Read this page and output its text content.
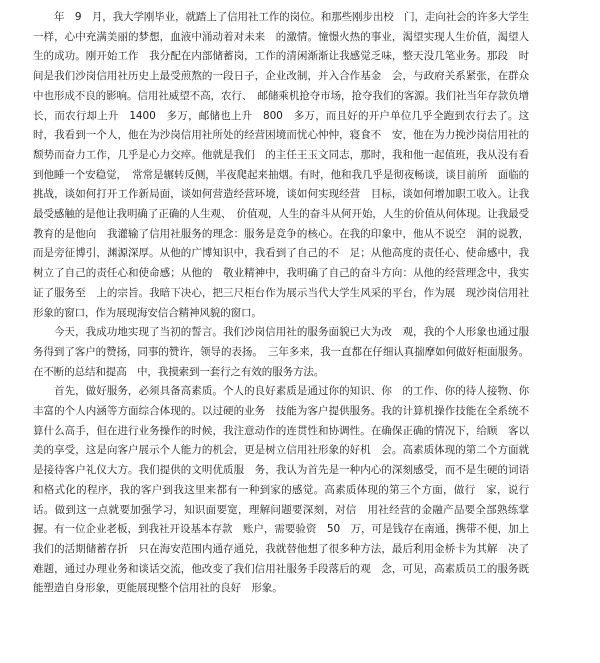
年　9　月，我大学刚毕业，就踏上了信用社工作的岗位。和那些刚步出校　门，走向社会的许多大学生一样，心中充满美丽的梦想，血液中涌动着对未来　的激情。憧憬火热的事业，渴望实现人生价值，渴望人生的成功。刚开始工作　我分配在内部储蓄岗，工作的清闲渐渐让我感觉乏味，整天没几笔业务。那段　时间是我们沙岗信用社历史上最受煎熬的一段日子，企业改制，并入合作基金　会，与政府关系紧张，在群众中也形成不良的影响。信用社威望不高，农行、　邮储乘机抢夺市场，抢夺我们的客源。我们社当年存款负增长，而农行却上升　1400　多万，邮储也上升　800　多万，而且好的开户单位几乎全跑到农行去了。这　时，我看到一个人，他在为沙岗信用社所处的经营困境而忧心忡忡，寝食不　安，他在为力挽沙岗信用社的颓势而奋力工作，几乎是心力交瘁。他就是我们　的主任王玉文同志，那时，我和他一起值班，我从没有看到他睡一个安稳觉，　常常是辗转反侧，半夜爬起来抽烟。有时，他和我几乎是彻夜畅谈，谈目前所　面临的挑战，谈如何打开工作新局面，谈如何营造经营环境，谈如何实现经营　目标，谈如何增加职工收入。让我最受感触的是他让我明确了正确的人生观、　价值观，人生的奋斗从何开始，人生的价值从何体现。让我最受教育的是他向　我灌输了信用社服务的理念：服务是竞争的核心。在我的印象中，他从不说空　洞的说教，而是旁征博引，渊源深厚。从他的广博知识中，我看到了自己的不　足；从他高度的责任心、使命感中，我树立了自己的责任心和使命感；从他的　敬业精神中，我明确了自己的奋斗方向：从他的经营理念中，我实证了服务至　上的宗旨。我暗下决心，把三尺柜台作为展示当代大学生风采的平台，作为展　现沙岗信用社形象的窗口，作为展现海安信合精神风貌的窗口。

今天，我成功地实现了当初的誓言。我们沙岗信用社的服务面貌已大为改　观，我的个人形象也通过服务得到了客户的赞扬，同事的赞许，领导的表扬。　三年多来，我一直都在仔细认真揣摩如何做好柜面服务。在不断的总结和提高　中，我摸索到一套行之有效的服务方法。

首先，做好服务，必须具备高素质。个人的良好素质是通过你的知识、你　的工作、你的待人接物、你丰富的个人内涵等方面综合体现的。以过硬的业务　技能为客户提供服务。我的计算机操作技能在全系统不算什么高手，但在进行业务操作的时候，我注意动作的连贯性和协调性。在确保正确的情况下，给顾　客以美的享受，这是向客户展示个人能力的机会，更是树立信用社形象的好机　会。高素质体现的第二个方面就是接待客户礼仪大方。我们提供的文明优质服　务，我认为首先是一种内心的深刻感受，而不是生硬的词语和格式化的程序，我的客户到我这里来都有一种到家的感觉。高素质体现的第三个方面，做行　家，说行话。做到这一点就要加强学习，知识面要宽，理解问题要深刻，对信　用社经营的金融产品要全部熟练掌握。有一位企业老板，到我社开设基本存款　账户，需要验资　50　万，可是钱存在南通，携带不便，加上我们的活期储蓄存折　只在海安范围内通存通兑，我就替他想了很多种方法，最后利用金桥卡为其解　决了难题，通过办理业务和谈话交流，他改变了我们信用社服务手段落后的观　念，可见，高素质员工的服务既能塑造自身形象，更能展现整个信用社的良好　形象。
